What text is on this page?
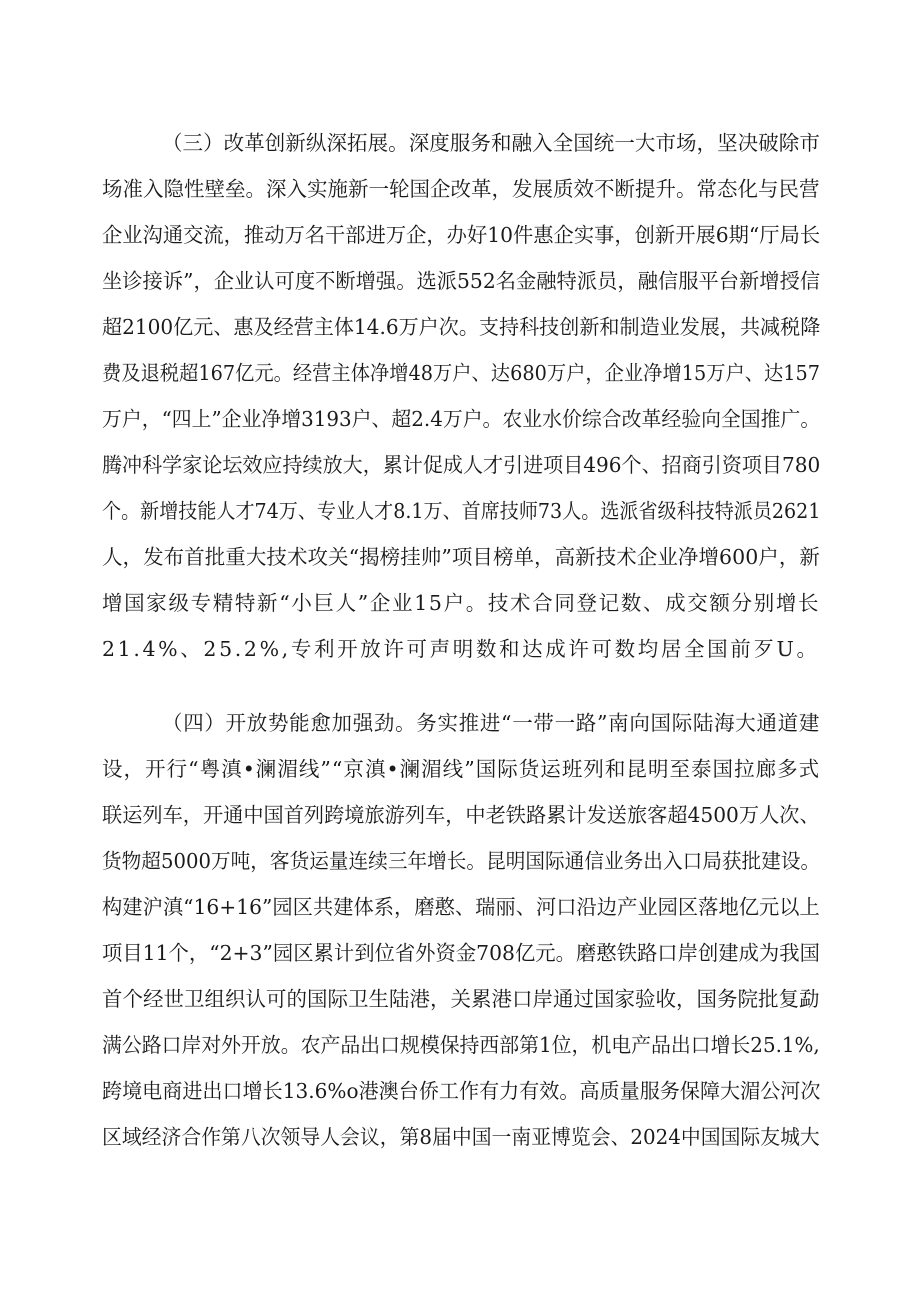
（三）改革创新纵深拓展。深度服务和融入全国统一大市场，坚决破除市
场准入隐性壁垒。深入实施新一轮国企改革，发展质效不断提升。常态化与民营
企业沟通交流，推动万名干部进万企，办好10件惠企实事，创新开展6期“厅局长
坐诊接诉”，企业认可度不断增强。选派552名金融特派员，融信服平台新增授信
超2100亿元、惠及经营主体14.6万户次。支持科技创新和制造业发展，共减税降
费及退税超167亿元。经营主体净增48万户、达680万户，企业净增15万户、达157
万户，“四上”企业净增3193户、超2.4万户。农业水价综合改革经验向全国推广。
腾冲科学家论坛效应持续放大，累计促成人才引进项目496个、招商引资项目780
个。新增技能人才74万、专业人才8.1万、首席技师73人。选派省级科技特派员2621
人，发布首批重大技术攻关“揭榜挂帅”项目榜单，高新技术企业净增600户，新
增国家级专精特新“小巨人”企业15户。技术合同登记数、成交额分别增长
21.4%、25.2%,专利开放许可声明数和达成许可数均居全国前歹U。
（四）开放势能愈加强劲。务实推进“一带一路”南向国际陆海大通道建
设，开行“粤滇•澜湄线”“京滇•澜湄线”国际货运班列和昆明至泰国拉廊多式
联运列车，开通中国首列跨境旅游列车，中老铁路累计发送旅客超4500万人次、
货物超5000万吨，客货运量连续三年增长。昆明国际通信业务出入口局获批建设。
构建沪滇“16+16”园区共建体系，磨憨、瑞丽、河口沿边产业园区落地亿元以上
项目11个，“2+3”园区累计到位省外资金708亿元。磨憨铁路口岸创建成为我国
首个经世卫组织认可的国际卫生陆港，关累港口岸通过国家验收，国务院批复勐
满公路口岸对外开放。农产品出口规模保持西部第1位，机电产品出口增长25.1%,
跨境电商进出口增长13.6%o港澳台侨工作有力有效。高质量服务保障大湄公河次
区域经济合作第八次领导人会议，第8届中国一南亚博览会、2024中国国际友城大
